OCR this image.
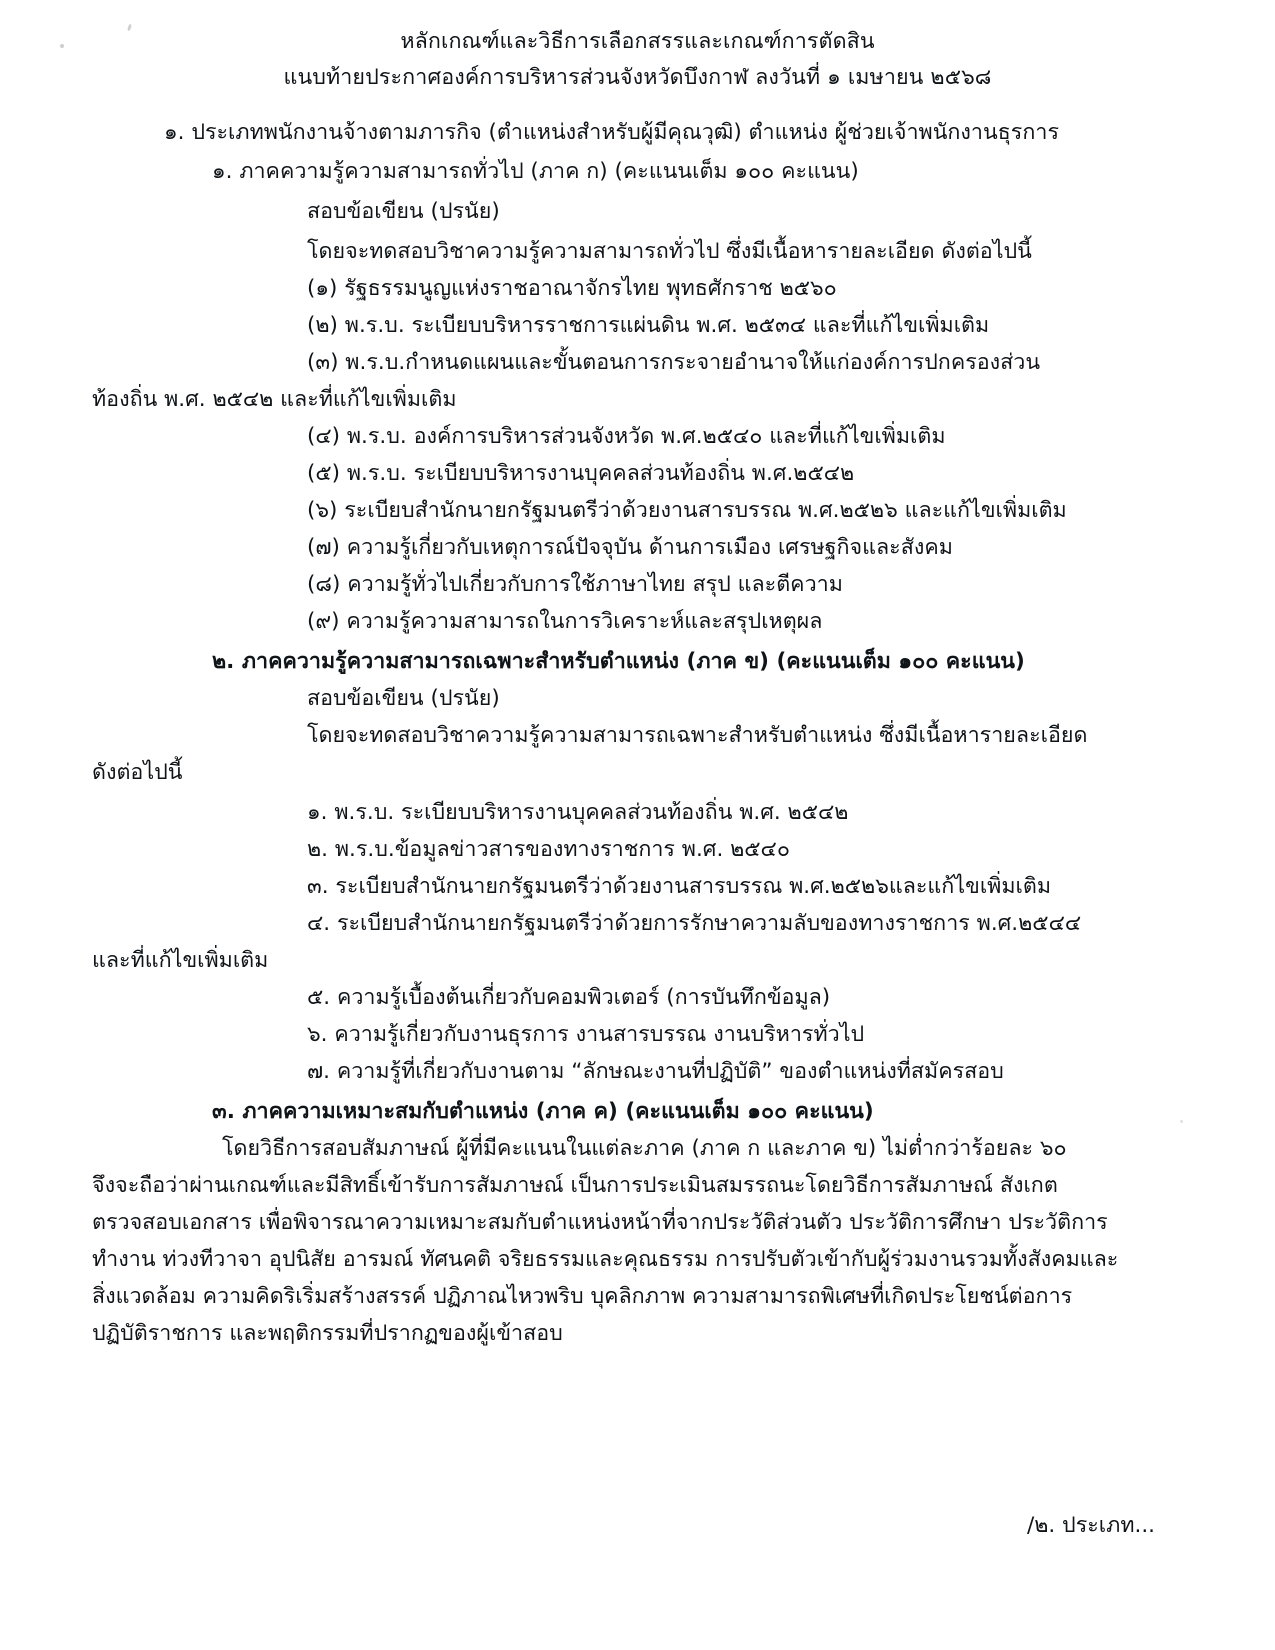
หลักเกณฑ์และวิธีการเลือกสรรและเกณฑ์การตัดสิน
แนบท้ายประกาศองค์การบริหารส่วนจังหวัดบึงกาฬ ลงวันที่ ๑ เมษายน ๒๕๖๘
๑. ประเภทพนักงานจ้างตามภารกิจ (ตำแหน่งสำหรับผู้มีคุณวุฒิ) ตำแหน่ง ผู้ช่วยเจ้าพนักงานธุรการ
๑. ภาคความรู้ความสามารถทั่วไป (ภาค ก) (คะแนนเต็ม ๑๐๐ คะแนน)
สอบข้อเขียน (ปรนัย)
โดยจะทดสอบวิชาความรู้ความสามารถทั่วไป ซึ่งมีเนื้อหารายละเอียด ดังต่อไปนี้
(๑) รัฐธรรมนูญแห่งราชอาณาจักรไทย พุทธศักราช ๒๕๖๐
(๒) พ.ร.บ. ระเบียบบริหารราชการแผ่นดิน พ.ศ. ๒๕๓๔ และที่แก้ไขเพิ่มเติม
(๓) พ.ร.บ.กำหนดแผนและขั้นตอนการกระจายอำนาจให้แก่องค์การปกครองส่วน
ท้องถิ่น พ.ศ. ๒๕๔๒ และที่แก้ไขเพิ่มเติม
(๔) พ.ร.บ. องค์การบริหารส่วนจังหวัด พ.ศ.๒๕๔๐ และที่แก้ไขเพิ่มเติม
(๕) พ.ร.บ. ระเบียบบริหารงานบุคคลส่วนท้องถิ่น พ.ศ.๒๕๔๒
(๖) ระเบียบสำนักนายกรัฐมนตรีว่าด้วยงานสารบรรณ พ.ศ.๒๕๒๖ และแก้ไขเพิ่มเติม
(๗) ความรู้เกี่ยวกับเหตุการณ์ปัจจุบัน ด้านการเมือง เศรษฐกิจและสังคม
(๘) ความรู้ทั่วไปเกี่ยวกับการใช้ภาษาไทย สรุป และตีความ
(๙) ความรู้ความสามารถในการวิเคราะห์และสรุปเหตุผล
๒. ภาคความรู้ความสามารถเฉพาะสำหรับตำแหน่ง (ภาค ข) (คะแนนเต็ม ๑๐๐ คะแนน)
สอบข้อเขียน (ปรนัย)
โดยจะทดสอบวิชาความรู้ความสามารถเฉพาะสำหรับตำแหน่ง ซึ่งมีเนื้อหารายละเอียด
ดังต่อไปนี้
๑. พ.ร.บ. ระเบียบบริหารงานบุคคลส่วนท้องถิ่น พ.ศ. ๒๕๔๒
๒. พ.ร.บ.ข้อมูลข่าวสารของทางราชการ พ.ศ. ๒๕๔๐
๓. ระเบียบสำนักนายกรัฐมนตรีว่าด้วยงานสารบรรณ พ.ศ.๒๕๒๖และแก้ไขเพิ่มเติม
๔. ระเบียบสำนักนายกรัฐมนตรีว่าด้วยการรักษาความลับของทางราชการ พ.ศ.๒๕๔๔
และที่แก้ไขเพิ่มเติม
๕. ความรู้เบื้องต้นเกี่ยวกับคอมพิวเตอร์ (การบันทึกข้อมูล)
๖. ความรู้เกี่ยวกับงานธุรการ งานสารบรรณ งานบริหารทั่วไป
๗. ความรู้ที่เกี่ยวกับงานตาม “ลักษณะงานที่ปฏิบัติ” ของตำแหน่งที่สมัครสอบ
๓. ภาคความเหมาะสมกับตำแหน่ง (ภาค ค) (คะแนนเต็ม ๑๐๐ คะแนน)
โดยวิธีการสอบสัมภาษณ์ ผู้ที่มีคะแนนในแต่ละภาค (ภาค ก และภาค ข) ไม่ต่ำกว่าร้อยละ ๖๐
จึงจะถือว่าผ่านเกณฑ์และมีสิทธิ์เข้ารับการสัมภาษณ์ เป็นการประเมินสมรรถนะโดยวิธีการสัมภาษณ์ สังเกต
ตรวจสอบเอกสาร เพื่อพิจารณาความเหมาะสมกับตำแหน่งหน้าที่จากประวัติส่วนตัว ประวัติการศึกษา ประวัติการ
ทำงาน ท่วงทีวาจา อุปนิสัย อารมณ์ ทัศนคติ จริยธรรมและคุณธรรม การปรับตัวเข้ากับผู้ร่วมงานรวมทั้งสังคมและ
สิ่งแวดล้อม ความคิดริเริ่มสร้างสรรค์ ปฏิภาณไหวพริบ บุคลิกภาพ ความสามารถพิเศษที่เกิดประโยชน์ต่อการ
ปฏิบัติราชการ และพฤติกรรมที่ปรากฏของผู้เข้าสอบ
/๒. ประเภท...
